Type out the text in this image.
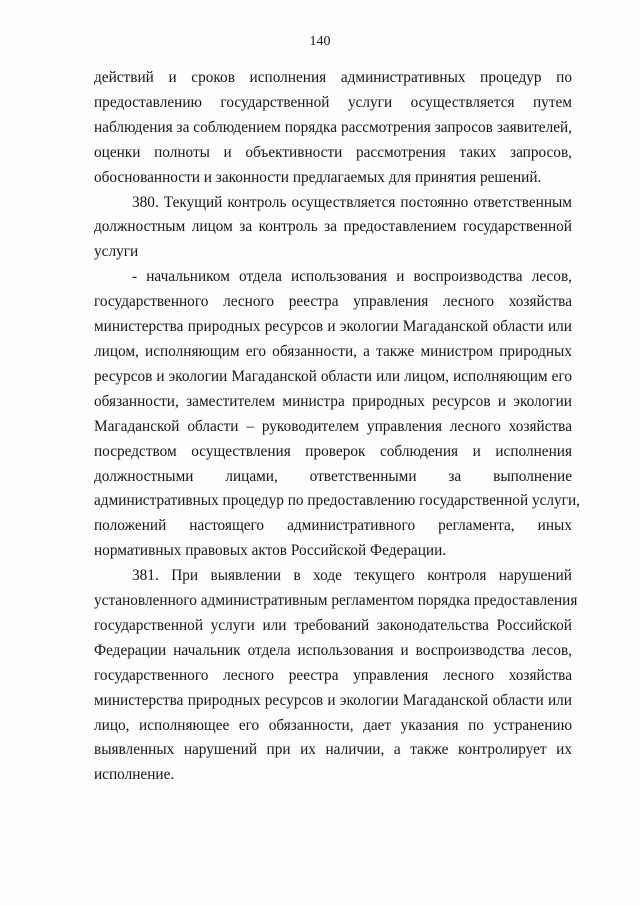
140
действий и сроков исполнения административных процедур по
предоставлению государственной услуги осуществляется путем
наблюдения за соблюдением порядка рассмотрения запросов заявителей,
оценки полноты и объективности рассмотрения таких запросов,
обоснованности и законности предлагаемых для принятия решений.
380. Текущий контроль осуществляется постоянно ответственным
должностным лицом за контроль за предоставлением государственной
услуги
- начальником отдела использования и воспроизводства лесов,
государственного лесного реестра управления лесного хозяйства
министерства природных ресурсов и экологии Магаданской области или
лицом, исполняющим его обязанности, а также министром природных
ресурсов и экологии Магаданской области или лицом, исполняющим его
обязанности, заместителем министра природных ресурсов и экологии
Магаданской области – руководителем управления лесного хозяйства
посредством осуществления проверок соблюдения и исполнения
должностными лицами, ответственными за выполнение
административных процедур по предоставлению государственной услуги,
положений настоящего административного регламента, иных
нормативных правовых актов Российской Федерации.
381. При выявлении в ходе текущего контроля нарушений
установленного административным регламентом порядка предоставления
государственной услуги или требований законодательства Российской
Федерации начальник отдела использования и воспроизводства лесов,
государственного лесного реестра управления лесного хозяйства
министерства природных ресурсов и экологии Магаданской области или
лицо, исполняющее его обязанности, дает указания по устранению
выявленных нарушений при их наличии, а также контролирует их
исполнение.
